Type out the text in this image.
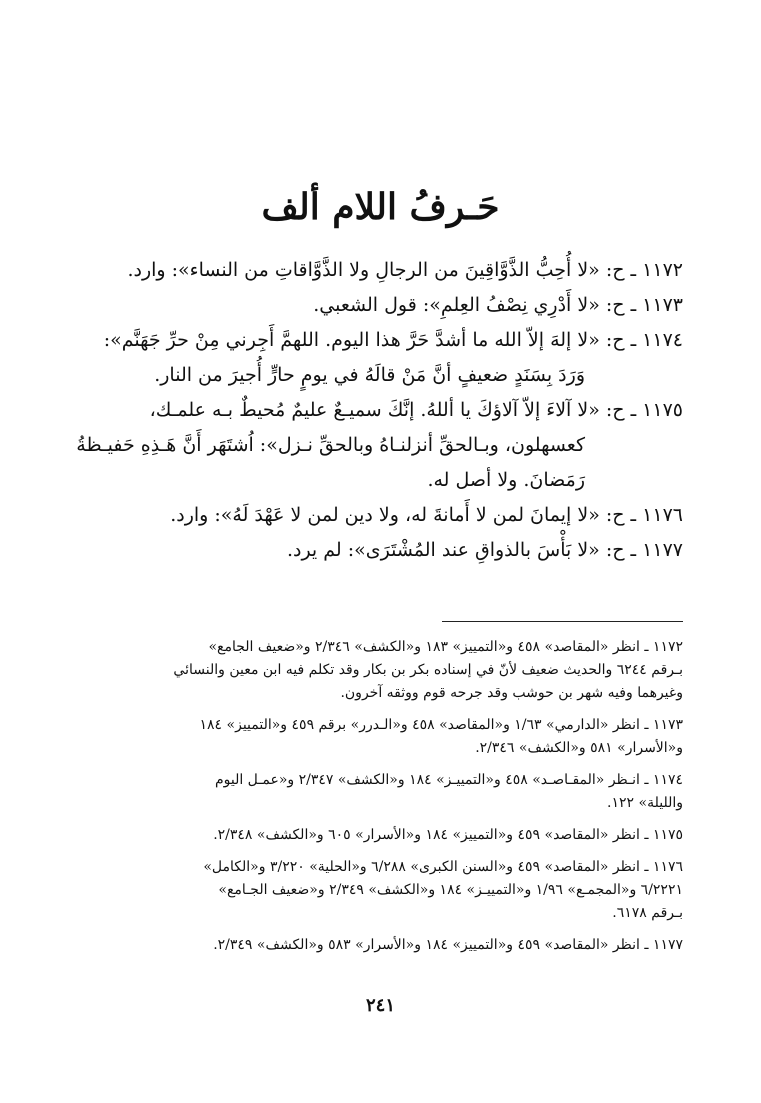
حَـرفُ اللام ألف
١١٧٢ ـ ح: «لا أُحِبُّ الذَّوَّاقِينَ من الرجالِ ولا الذَّوَّاقاتِ من النساء»: وارد.
١١٧٣ ـ ح: «لا أَدْرِي نِصْفُ العِلمِ»: قول الشعبي.
١١٧٤ ـ ح: «لا إلهَ إلاّ الله ما أشدَّ حَرَّ هذا اليوم. اللهمَّ أَجِرني مِنْ حرِّ جَهَنَّم»:
وَرَدَ بِسَنَدٍ ضعيفٍ أنَّ مَنْ قالَهُ في يومٍ حارٍّ أُجيرَ من النار.
١١٧٥ ـ ح: «لا آلاءَ إلاّ آلاؤكَ يا أللهُ. إنَّكَ سميـعٌ عليمٌ مُحيطٌ بـه علمـك،
كعسهلون، وبـالحقِّ أنزلنـاهُ وبالحقِّ نـزل»: اُشتَهَر أَنَّ هَـذِهِ حَفيـظةُ
رَمَضانَ. ولا أصل له.
١١٧٦ ـ ح: «لا إيمانَ لمن لا أَمانةَ له، ولا دين لمن لا عَهْدَ لَهُ»: وارد.
١١٧٧ ـ ح: «لا بَأْسَ بالذواقِ عند المُشْتَرَى»: لم يرد.
١١٧٢ ـ انظر «المقاصد» ٤٥٨ و«التمييز» ١٨٣ و«الكشف» ٢/٣٤٦ و«ضعيف الجامع»
بـرقم ٦٢٤٤ والحديث ضعيف لأنّ في إسناده بكر بن بكار وقد تكلم فيه ابن معين والنسائي
وغيرهما وفيه شهر بن حوشب وقد جرحه قوم ووثقه آخرون.
١١٧٣ ـ انظر «الدارمي» ١/٦٣ و«المقاصد» ٤٥٨ و«الـدرر» برقم ٤٥٩ و«التمييز» ١٨٤
و«الأسرار» ٥٨١ و«الكشف» ٢/٣٤٦.
١١٧٤ ـ انـظر «المقـاصـد» ٤٥٨ و«التمييـز» ١٨٤ و«الكشف» ٢/٣٤٧ و«عمـل اليوم
والليلة» ١٢٢.
١١٧٥ ـ انظر «المقاصد» ٤٥٩ و«التمييز» ١٨٤ و«الأسرار» ٦٠٥ و«الكشف» ٢/٣٤٨.
١١٧٦ ـ انظر «المقاصد» ٤٥٩ و«السنن الكبرى» ٦/٢٨٨ و«الحلية» ٣/٢٢٠ و«الكامل»
٦/٢٢٢١ و«المجمـع» ١/٩٦ و«التمييـز» ١٨٤ و«الكشف» ٢/٣٤٩ و«ضعيف الجـامع»
بـرقم ٦١٧٨.
١١٧٧ ـ انظر «المقاصد» ٤٥٩ و«التمييز» ١٨٤ و«الأسرار» ٥٨٣ و«الكشف» ٢/٣٤٩.
٢٤١
